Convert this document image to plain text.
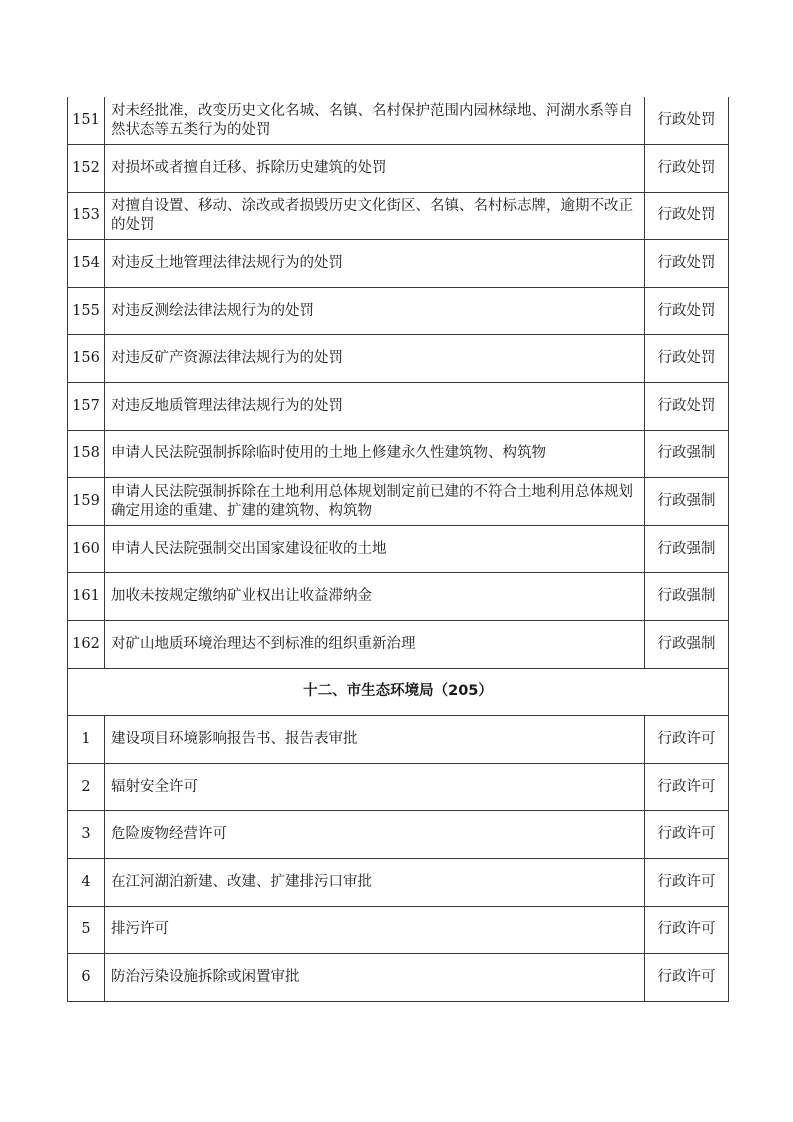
151	对未经批准，改变历史文化名城、名镇、名村保护范围内园林绿地、河湖水系等自然状态等五类行为的处罚	行政处罚
152	对损坏或者擅自迁移、拆除历史建筑的处罚	行政处罚
153	对擅自设置、移动、涂改或者损毁历史文化街区、名镇、名村标志牌，逾期不改正的处罚	行政处罚
154	对违反土地管理法律法规行为的处罚	行政处罚
155	对违反测绘法律法规行为的处罚	行政处罚
156	对违反矿产资源法律法规行为的处罚	行政处罚
157	对违反地质管理法律法规行为的处罚	行政处罚
158	申请人民法院强制拆除临时使用的土地上修建永久性建筑物、构筑物	行政强制
159	申请人民法院强制拆除在土地利用总体规划制定前已建的不符合土地利用总体规划确定用途的重建、扩建的建筑物、构筑物	行政强制
160	申请人民法院强制交出国家建设征收的土地	行政强制
161	加收未按规定缴纳矿业权出让收益滞纳金	行政强制
162	对矿山地质环境治理达不到标准的组织重新治理	行政强制
十二、市生态环境局（205）		
1	建设项目环境影响报告书、报告表审批	行政许可
2	辐射安全许可	行政许可
3	危险废物经营许可	行政许可
4	在江河湖泊新建、改建、扩建排污口审批	行政许可
5	排污许可	行政许可
6	防治污染设施拆除或闲置审批	行政许可
